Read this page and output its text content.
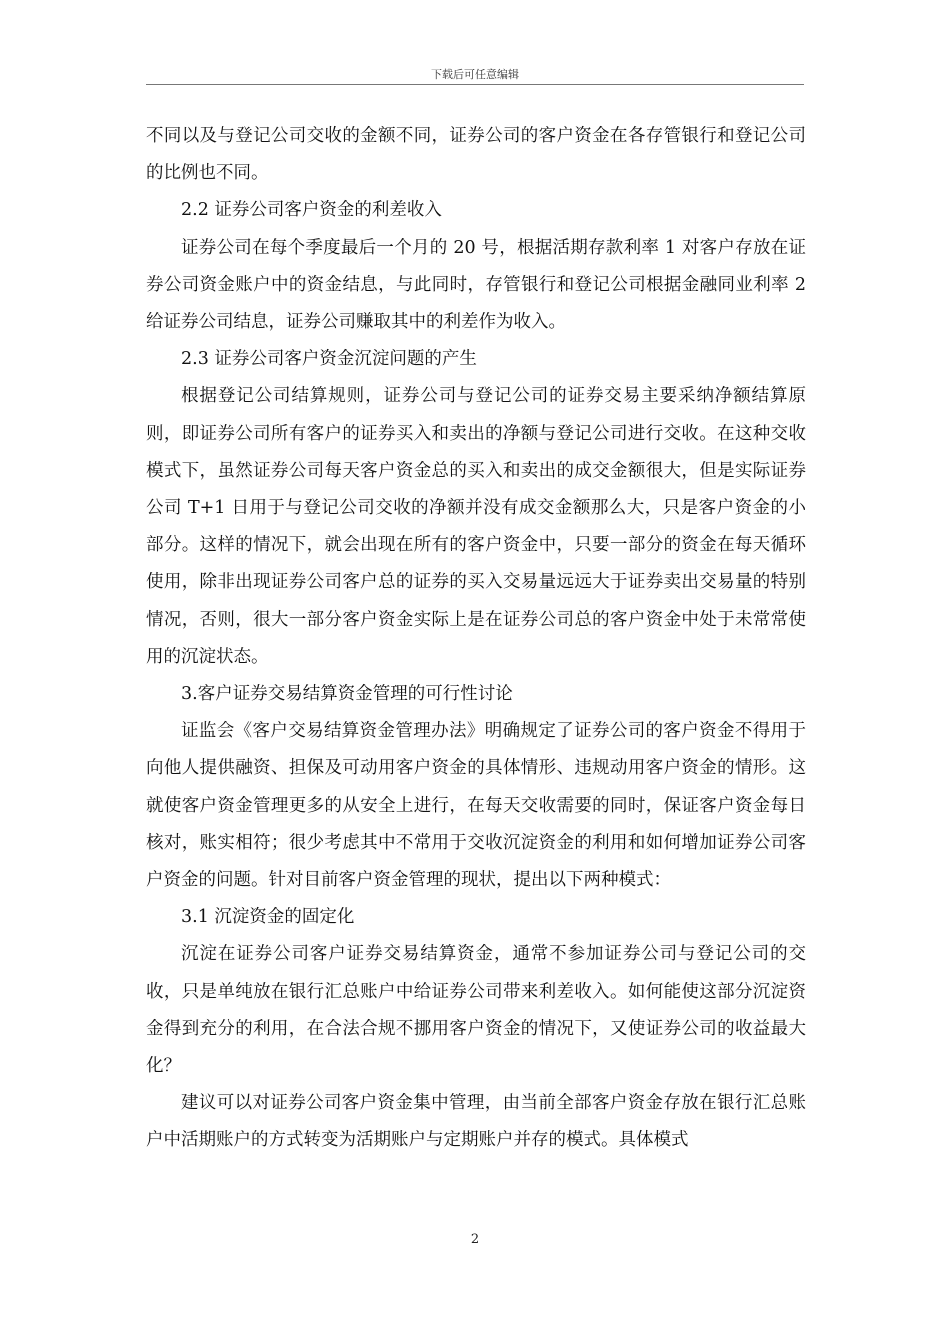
下载后可任意编辑

不同以及与登记公司交收的金额不同，证券公司的客户资金在各存管银行和登记公司的比例也不同。

2.2 证券公司客户资金的利差收入

证券公司在每个季度最后一个月的 20 号，根据活期存款利率 1 对客户存放在证券公司资金账户中的资金结息，与此同时，存管银行和登记公司根据金融同业利率 2 给证券公司结息，证券公司赚取其中的利差作为收入。

2.3 证券公司客户资金沉淀问题的产生

根据登记公司结算规则，证券公司与登记公司的证券交易主要采纳净额结算原则，即证券公司所有客户的证券买入和卖出的净额与登记公司进行交收。在这种交收模式下，虽然证券公司每天客户资金总的买入和卖出的成交金额很大，但是实际证券公司 T+1 日用于与登记公司交收的净额并没有成交金额那么大，只是客户资金的小部分。这样的情况下，就会出现在所有的客户资金中，只要一部分的资金在每天循环使用，除非出现证券公司客户总的证券的买入交易量远远大于证券卖出交易量的特别情况，否则，很大一部分客户资金实际上是在证券公司总的客户资金中处于未常常使用的沉淀状态。

3.客户证券交易结算资金管理的可行性讨论

证监会《客户交易结算资金管理办法》明确规定了证券公司的客户资金不得用于向他人提供融资、担保及可动用客户资金的具体情形、违规动用客户资金的情形。这就使客户资金管理更多的从安全上进行，在每天交收需要的同时，保证客户资金每日核对，账实相符；很少考虑其中不常用于交收沉淀资金的利用和如何增加证券公司客户资金的问题。针对目前客户资金管理的现状，提出以下两种模式：

3.1 沉淀资金的固定化

沉淀在证券公司客户证券交易结算资金，通常不参加证券公司与登记公司的交收，只是单纯放在银行汇总账户中给证券公司带来利差收入。如何能使这部分沉淀资金得到充分的利用，在合法合规不挪用客户资金的情况下，又使证券公司的收益最大化？

建议可以对证券公司客户资金集中管理，由当前全部客户资金存放在银行汇总账户中活期账户的方式转变为活期账户与定期账户并存的模式。具体模式

2
